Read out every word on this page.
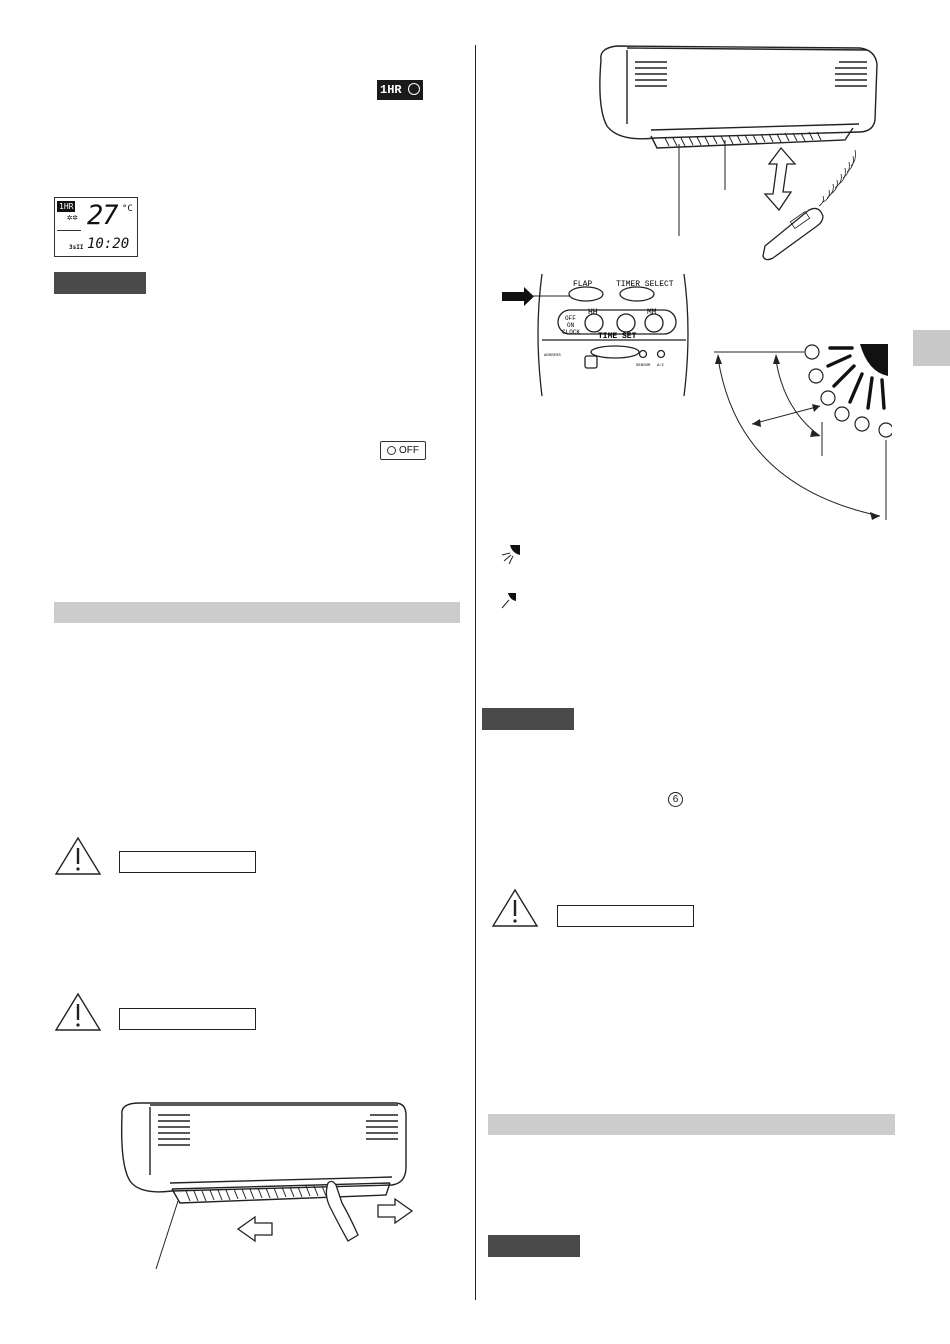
1HR
1HR
✲✲
3sII
27 °C
10:20
OFF
FLAP	TIMER SELECT
HH	MM
OFF
ON
CLOCK TIME SET
ADDRESS
SENSOR A/C
6
